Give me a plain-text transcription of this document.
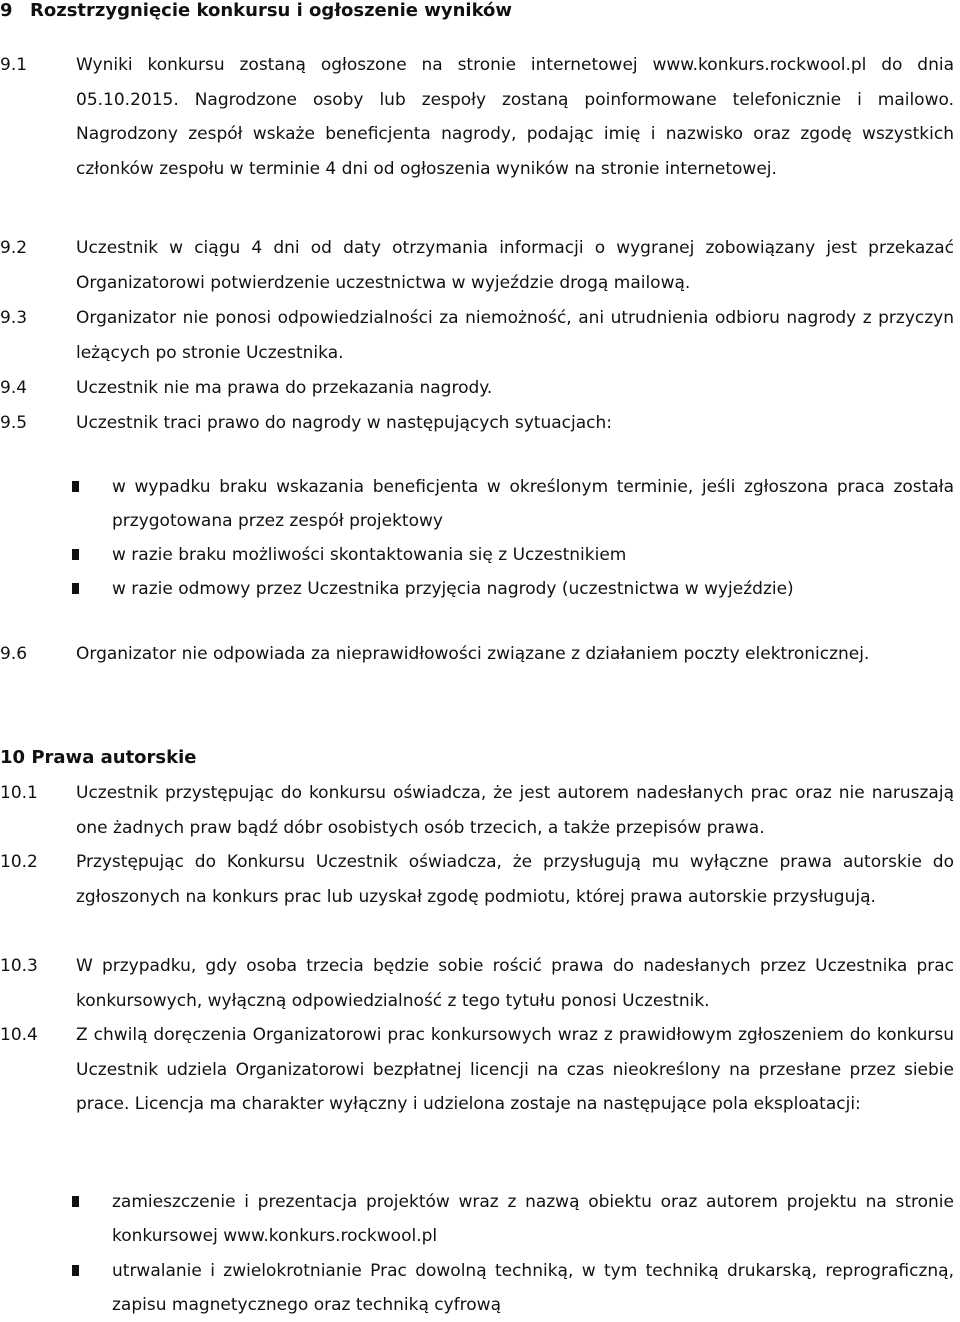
9 Rozstrzygnięcie konkursu i ogłoszenie wyników
9.1	Wyniki konkursu zostaną ogłoszone na stronie internetowej www.konkurs.rockwool.pl do dnia 05.10.2015. Nagrodzone osoby lub zespoły zostaną poinformowane telefonicznie i mailowo. Nagrodzony zespół wskaże beneficjenta nagrody, podając imię i nazwisko oraz zgodę wszystkich członków zespołu w terminie 4 dni od ogłoszenia wyników na stronie internetowej.
9.2	Uczestnik w ciągu 4 dni od daty otrzymania informacji o wygranej zobowiązany jest przekazać Organizatorowi potwierdzenie uczestnictwa w wyjeździe drogą mailową.
9.3	Organizator nie ponosi odpowiedzialności za niemożność, ani utrudnienia odbioru nagrody z przyczyn leżących po stronie Uczestnika.
9.4	Uczestnik nie ma prawa do przekazania nagrody.
9.5	Uczestnik traci prawo do nagrody w następujących sytuacjach:
w wypadku braku wskazania beneficjenta w określonym terminie, jeśli zgłoszona praca została przygotowana przez zespół projektowy
w razie braku możliwości skontaktowania się z Uczestnikiem
w razie odmowy przez Uczestnika przyjęcia nagrody (uczestnictwa w wyjeździe)
9.6	Organizator nie odpowiada za nieprawidłowości związane z działaniem poczty elektronicznej.
10 Prawa autorskie
10.1 Uczestnik przystępując do konkursu oświadcza, że jest autorem nadesłanych prac oraz nie naruszają one żadnych praw bądź dóbr osobistych osób trzecich, a także przepisów prawa.
10.2 Przystępując do Konkursu Uczestnik oświadcza, że przysługują mu wyłączne prawa autorskie do zgłoszonych na konkurs prac lub uzyskał zgodę podmiotu, której prawa autorskie przysługują.
10.3 W przypadku, gdy osoba trzecia będzie sobie rościć prawa do nadesłanych przez Uczestnika prac konkursowych, wyłączną odpowiedzialność z tego tytułu ponosi Uczestnik.
10.4 Z chwilą doręczenia Organizatorowi prac konkursowych wraz z prawidłowym zgłoszeniem do konkursu Uczestnik udziela Organizatorowi bezpłatnej licencji na czas nieokreślony na przesłane przez siebie prace. Licencja ma charakter wyłączny i udzielona zostaje na następujące pola eksploatacji:
zamieszczenie i prezentacja projektów wraz z nazwą obiektu oraz autorem projektu na stronie konkursowej www.konkurs.rockwool.pl
utrwalanie i zwielokrotnianie Prac dowolną techniką, w tym techniką drukarską, reprograficzną, zapisu magnetycznego oraz techniką cyfrową
